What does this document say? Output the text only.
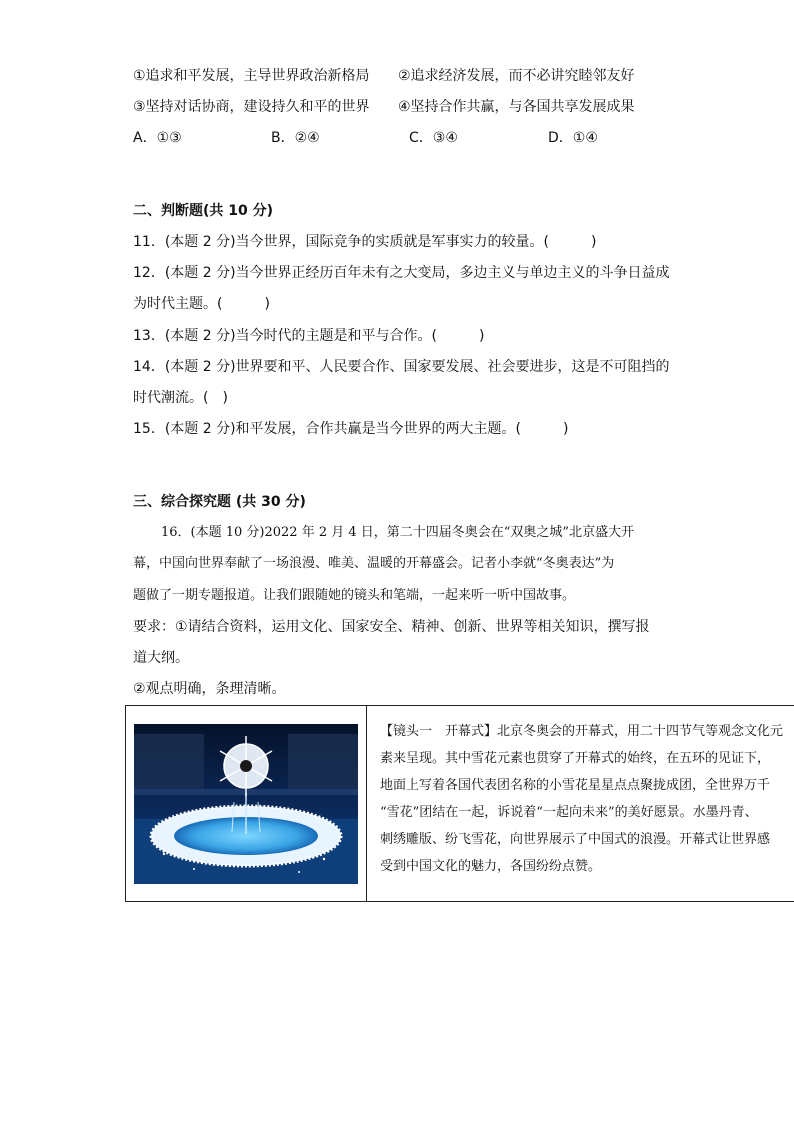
①追求和平发展，主导世界政治新格局 ②追求经济发展，而不必讲究睦邻友好
③坚持对话协商，建设持久和平的世界 ④坚持合作共赢，与各国共享发展成果
A．①③	B．②④	C．③④	D．①④
二、判断题(共 10 分)
11．(本题 2 分)当今世界，国际竞争的实质就是军事实力的较量。(　　　)
12．(本题 2 分)当今世界正经历百年未有之大变局，多边主义与单边主义的斗争日益成
为时代主题。(　　　)
13．(本题 2 分)当今时代的主题是和平与合作。(　　　)
14．(本题 2 分)世界要和平、人民要合作、国家要发展、社会要进步，这是不可阻挡的
时代潮流。(　)
15．(本题 2 分)和平发展，合作共赢是当今世界的两大主题。(　　　)
三、综合探究题 (共 30 分)
16．(本题 10 分)2022 年 2 月 4 日，第二十四届冬奥会在“双奥之城”北京盛大开
幕，中国向世界奉献了一场浪漫、唯美、温暖的开幕盛会。记者小李就“冬奥表达”为
题做了一期专题报道。让我们跟随她的镜头和笔端，一起来听一听中国故事。
要求：①请结合资料，运用文化、国家安全、精神、创新、世界等相关知识，撰写报
道大纲。
②观点明确，条理清晰。
【镜头一　开幕式】北京冬奥会的开幕式，用二十四节气等观念文化元
素来呈现。其中雪花元素也贯穿了开幕式的始终，在五环的见证下，
地面上写着各国代表团名称的小雪花星星点点聚拢成团，全世界万千
“雪花”团结在一起，诉说着“一起向未来”的美好愿景。水墨丹青、
刺绣雕版、纷飞雪花，向世界展示了中国式的浪漫。开幕式让世界感
受到中国文化的魅力，各国纷纷点赞。
